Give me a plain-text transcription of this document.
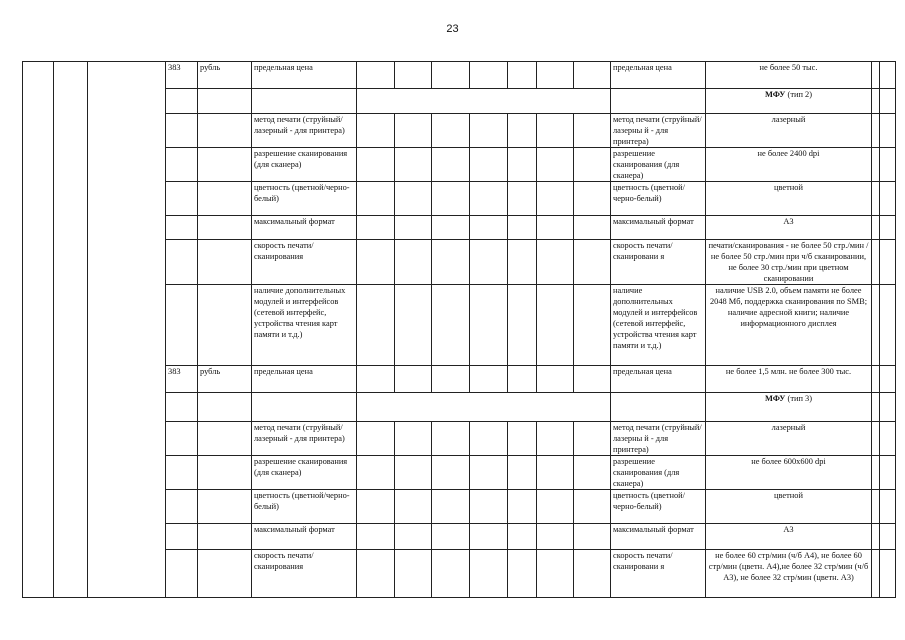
23
			383	рубль	предельная цена								предельная цена	не более 50 тыс.		
														МФУ (тип 2)		
					метод печати (струйный/лазерный - для принтера)								метод печати (струйный/лазерны й - для принтера)	лазерный		
					разрешение сканирования (для сканера)								разрешение сканирования (для сканера)	не более 2400 dpi		
					цветность (цветной/черно-белый)								цветность (цветной/черно-белый)	цветной		
					максимальный формат								максимальный формат	А3		
					скорость печати/сканирования								скорость печати/сканировани я	печати/сканирования - не более 50 стр./мин / не более 50 стр./мин при ч/б сканировании, не более 30 стр./мин при цветном сканировании		
					наличие дополнительных модулей и интерфейсов (сетевой интерфейс, устройства чтения карт памяти и т.д.)								наличие дополнительных модулей и интерфейсов (сетевой интерфейс, устройства чтения карт памяти и т.д.)	наличие USB 2.0, объем памяти не более 2048 Мб, поддержка сканирования по SMB; наличие адресной книги; наличие информационного дисплея		
			383	рубль	предельная цена								предельная цена	не более 1,5 млн. не более 300 тыс.		
														МФУ (тип 3)		
					метод печати (струйный/лазерный - для принтера)								метод печати (струйный/лазерны й - для принтера)	лазерный		
					разрешение сканирования (для сканера)								разрешение сканирования (для сканера)	не более 600х600 dpi		
					цветность (цветной/черно-белый)								цветность (цветной/черно-белый)	цветной		
					максимальный формат								максимальный формат	А3		
					скорость печати/сканирования								скорость печати/сканировани я	не более 60 стр/мин (ч/б А4), не более 60 стр/мин (цветн. А4),не более 32 стр/мин (ч/б А3), не более 32 стр/мин (цветн. А3)		
